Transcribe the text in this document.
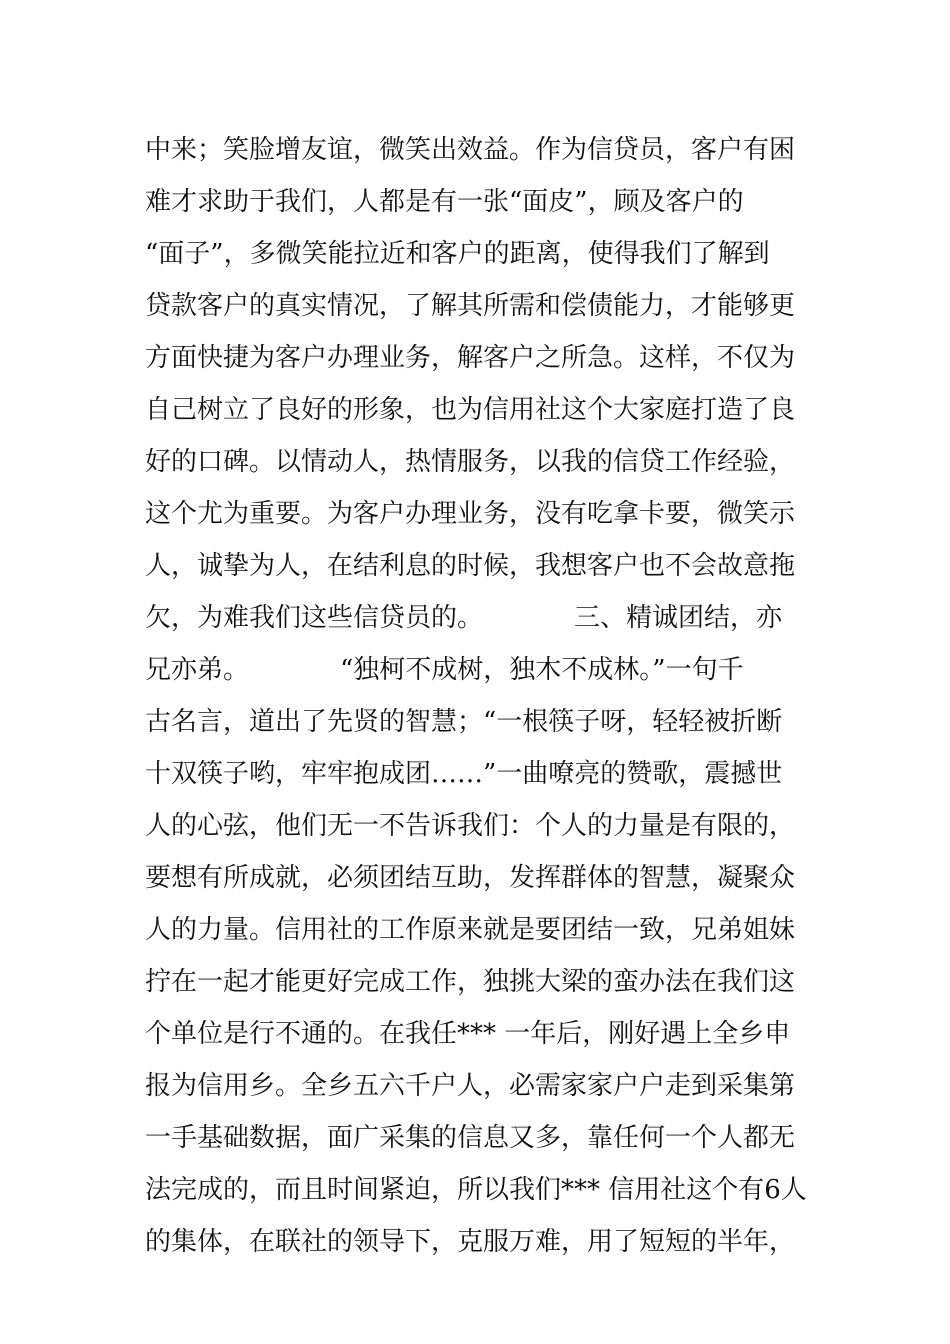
中来；笑脸增友谊，微笑出效益。作为信贷员，客户有困
难才求助于我们，人都是有一张“面皮”，顾及客户的
“面子”，多微笑能拉近和客户的距离，使得我们了解到
贷款客户的真实情况，了解其所需和偿债能力，才能够更
方面快捷为客户办理业务，解客户之所急。这样，不仅为
自己树立了良好的形象，也为信用社这个大家庭打造了良
好的口碑。以情动人，热情服务，以我的信贷工作经验，
这个尤为重要。为客户办理业务，没有吃拿卡要，微笑示
人，诚挚为人，在结利息的时候，我想客户也不会故意拖
欠，为难我们这些信贷员的。　　　　三、精诚团结，亦
兄亦弟。　　　　“独柯不成树，独木不成林。”一句千
古名言，道出了先贤的智慧；“一根筷子呀，轻轻被折断
十双筷子哟，牢牢抱成团……”一曲嘹亮的赞歌，震撼世
人的心弦，他们无一不告诉我们：个人的力量是有限的，
要想有所成就，必须团结互助，发挥群体的智慧，凝聚众
人的力量。信用社的工作原来就是要团结一致，兄弟姐妹
拧在一起才能更好完成工作，独挑大梁的蛮办法在我们这
个单位是行不通的。在我任*** 一年后，刚好遇上全乡申
报为信用乡。全乡五六千户人，必需家家户户走到采集第
一手基础数据，面广采集的信息又多，靠任何一个人都无
法完成的，而且时间紧迫，所以我们*** 信用社这个有6人
的集体，在联社的领导下，克服万难，用了短短的半年，
